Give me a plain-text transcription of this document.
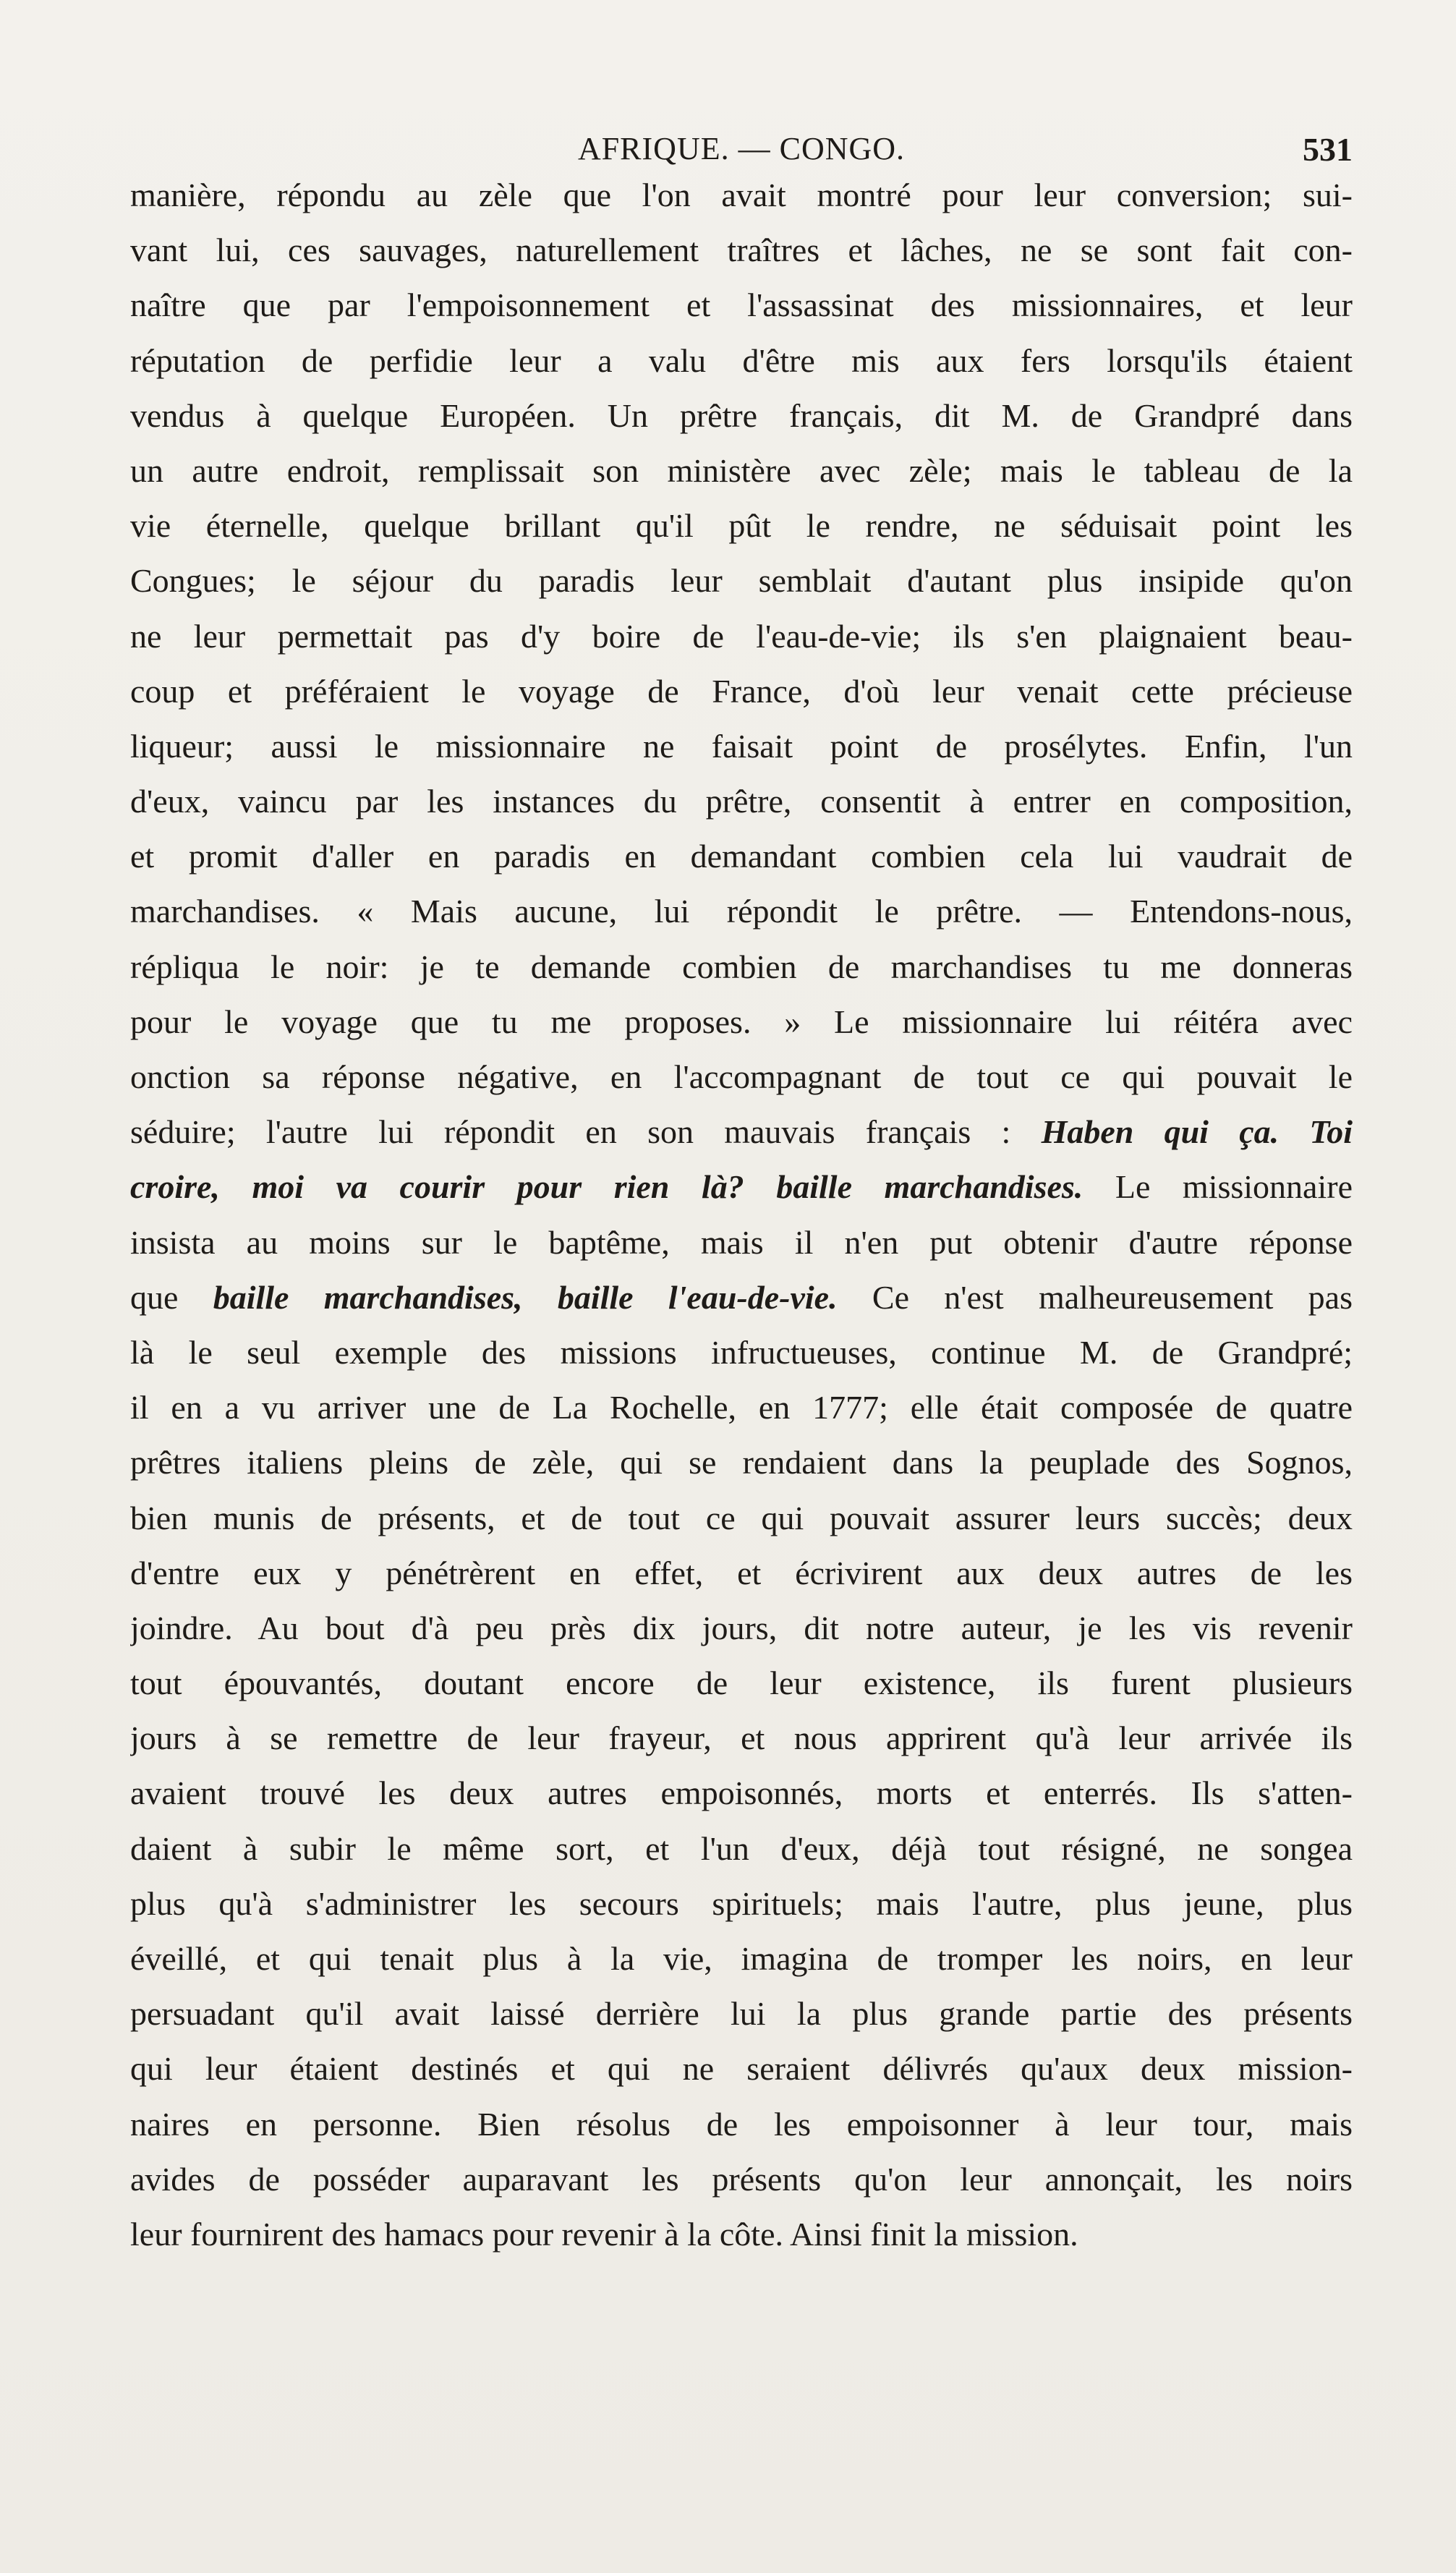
AFRIQUE. — CONGO.	531
manière, répondu au zèle que l'on avait montré pour leur conversion; sui-
vant lui, ces sauvages, naturellement traîtres et lâches, ne se sont fait con-
naître que par l'empoisonnement et l'assassinat des missionnaires, et leur
réputation de perfidie leur a valu d'être mis aux fers lorsqu'ils étaient
vendus à quelque Européen. Un prêtre français, dit M. de Grandpré dans
un autre endroit, remplissait son ministère avec zèle; mais le tableau de la
vie éternelle, quelque brillant qu'il pût le rendre, ne séduisait point les
Congues; le séjour du paradis leur semblait d'autant plus insipide qu'on
ne leur permettait pas d'y boire de l'eau-de-vie; ils s'en plaignaient beau-
coup et préféraient le voyage de France, d'où leur venait cette précieuse
liqueur; aussi le missionnaire ne faisait point de prosélytes. Enfin, l'un
d'eux, vaincu par les instances du prêtre, consentit à entrer en composition,
et promit d'aller en paradis en demandant combien cela lui vaudrait de
marchandises. « Mais aucune, lui répondit le prêtre. — Entendons-nous,
répliqua le noir: je te demande combien de marchandises tu me donneras
pour le voyage que tu me proposes. » Le missionnaire lui réitéra avec
onction sa réponse négative, en l'accompagnant de tout ce qui pouvait le
séduire; l'autre lui répondit en son mauvais français : Haben qui ça. Toi
croire, moi va courir pour rien là? baille marchandises. Le missionnaire
insista au moins sur le baptême, mais il n'en put obtenir d'autre réponse
que baille marchandises, baille l'eau-de-vie. Ce n'est malheureusement pas
là le seul exemple des missions infructueuses, continue M. de Grandpré;
il en a vu arriver une de La Rochelle, en 1777; elle était composée de quatre
prêtres italiens pleins de zèle, qui se rendaient dans la peuplade des Sognos,
bien munis de présents, et de tout ce qui pouvait assurer leurs succès; deux
d'entre eux y pénétrèrent en effet, et écrivirent aux deux autres de les
joindre. Au bout d'à peu près dix jours, dit notre auteur, je les vis revenir
tout épouvantés, doutant encore de leur existence, ils furent plusieurs
jours à se remettre de leur frayeur, et nous apprirent qu'à leur arrivée ils
avaient trouvé les deux autres empoisonnés, morts et enterrés. Ils s'atten-
daient à subir le même sort, et l'un d'eux, déjà tout résigné, ne songea
plus qu'à s'administrer les secours spirituels; mais l'autre, plus jeune, plus
éveillé, et qui tenait plus à la vie, imagina de tromper les noirs, en leur
persuadant qu'il avait laissé derrière lui la plus grande partie des présents
qui leur étaient destinés et qui ne seraient délivrés qu'aux deux mission-
naires en personne. Bien résolus de les empoisonner à leur tour, mais
avides de posséder auparavant les présents qu'on leur annonçait, les noirs
leur fournirent des hamacs pour revenir à la côte. Ainsi finit la mission.
